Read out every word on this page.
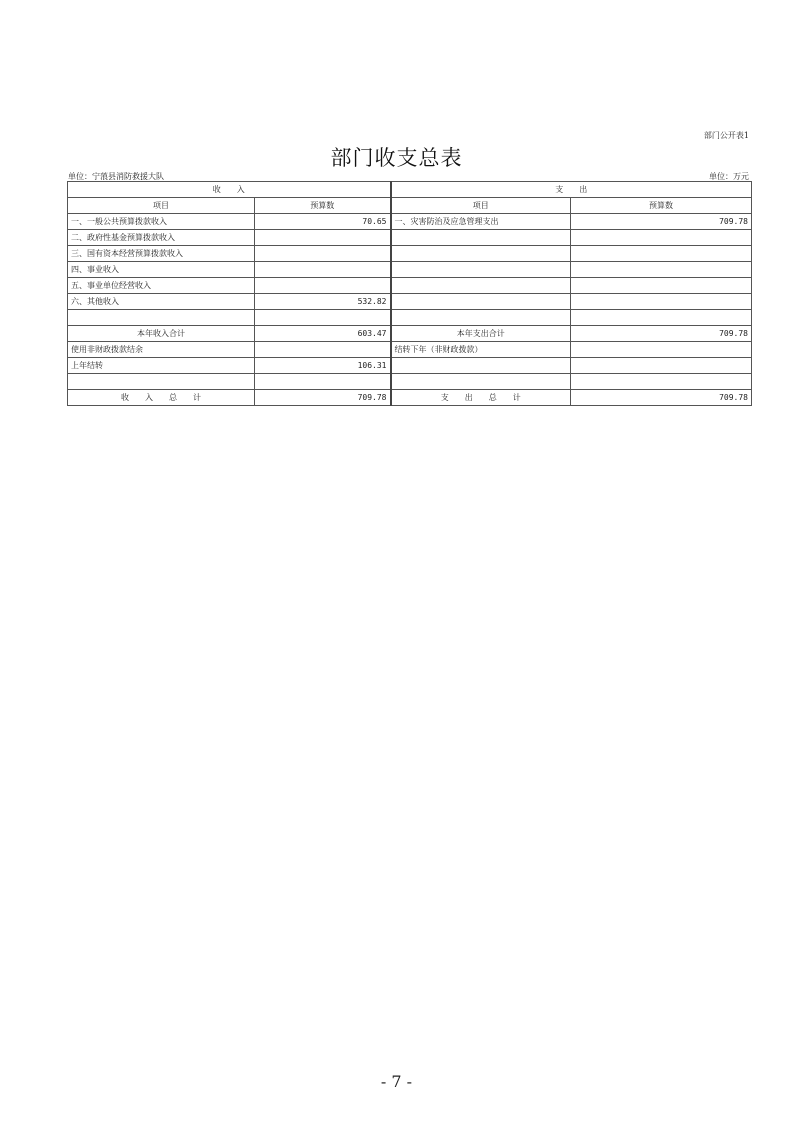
部门公开表1
部门收支总表
单位：宁蒗县消防救援大队	单位：万元
收　　入		支　　出	
项目	预算数	项目	预算数
一、一般公共预算拨款收入	70.65	一、灾害防治及应急管理支出	709.78
二、政府性基金预算拨款收入			
三、国有资本经营预算拨款收入			
四、事业收入			
五、事业单位经营收入			
六、其他收入	532.82		

本年收入合计	603.47	本年支出合计	709.78
使用非财政拨款结余		结转下年（非财政拨款）	
上年结转	106.31		

收　　入　　总　　计	709.78	支　　出　　总　　计	709.78
- 7 -
